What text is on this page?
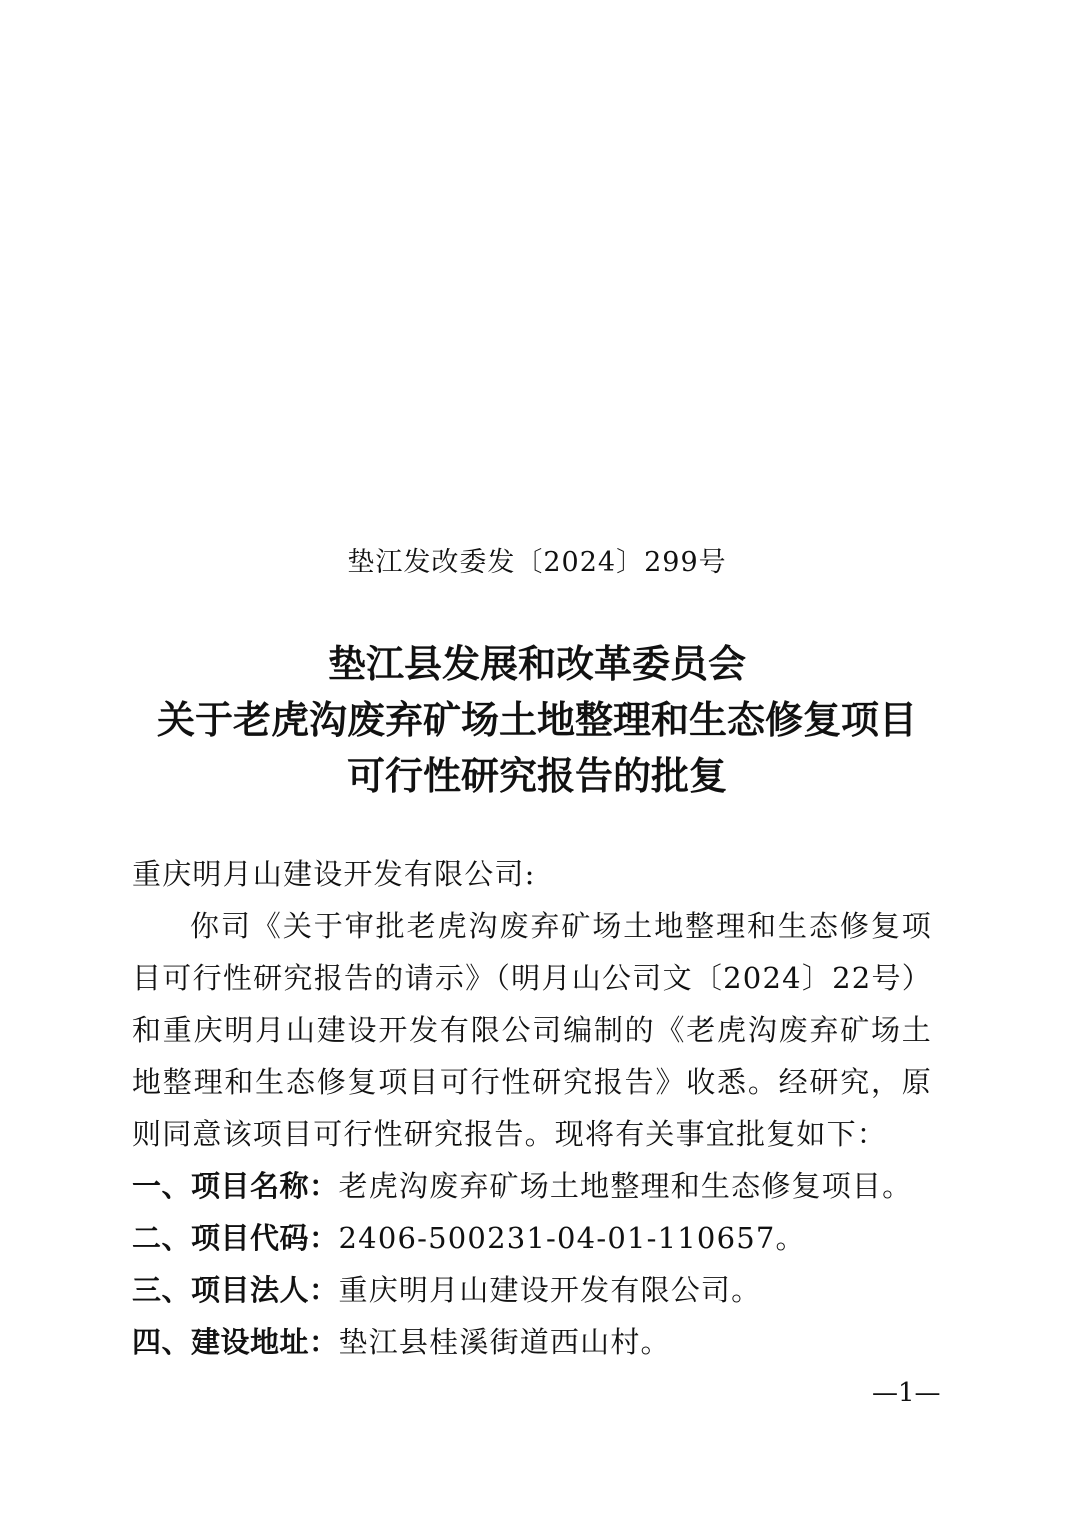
垫江发改委发〔2024〕299号
垫江县发展和改革委员会
关于老虎沟废弃矿场土地整理和生态修复项目
可行性研究报告的批复

重庆明月山建设开发有限公司:

你司《关于审批老虎沟废弃矿场土地整理和生态修复项目可行性研究报告的请示》（明月山公司文〔2024〕22号）和重庆明月山建设开发有限公司编制的《老虎沟废弃矿场土地整理和生态修复项目可行性研究报告》收悉。经研究，原则同意该项目可行性研究报告。现将有关事宜批复如下：

一、项目名称：老虎沟废弃矿场土地整理和生态修复项目。

二、项目代码：2406-500231-04-01-110657。

三、项目法人：重庆明月山建设开发有限公司。

四、建设地址：垫江县桂溪街道西山村。

—1—
